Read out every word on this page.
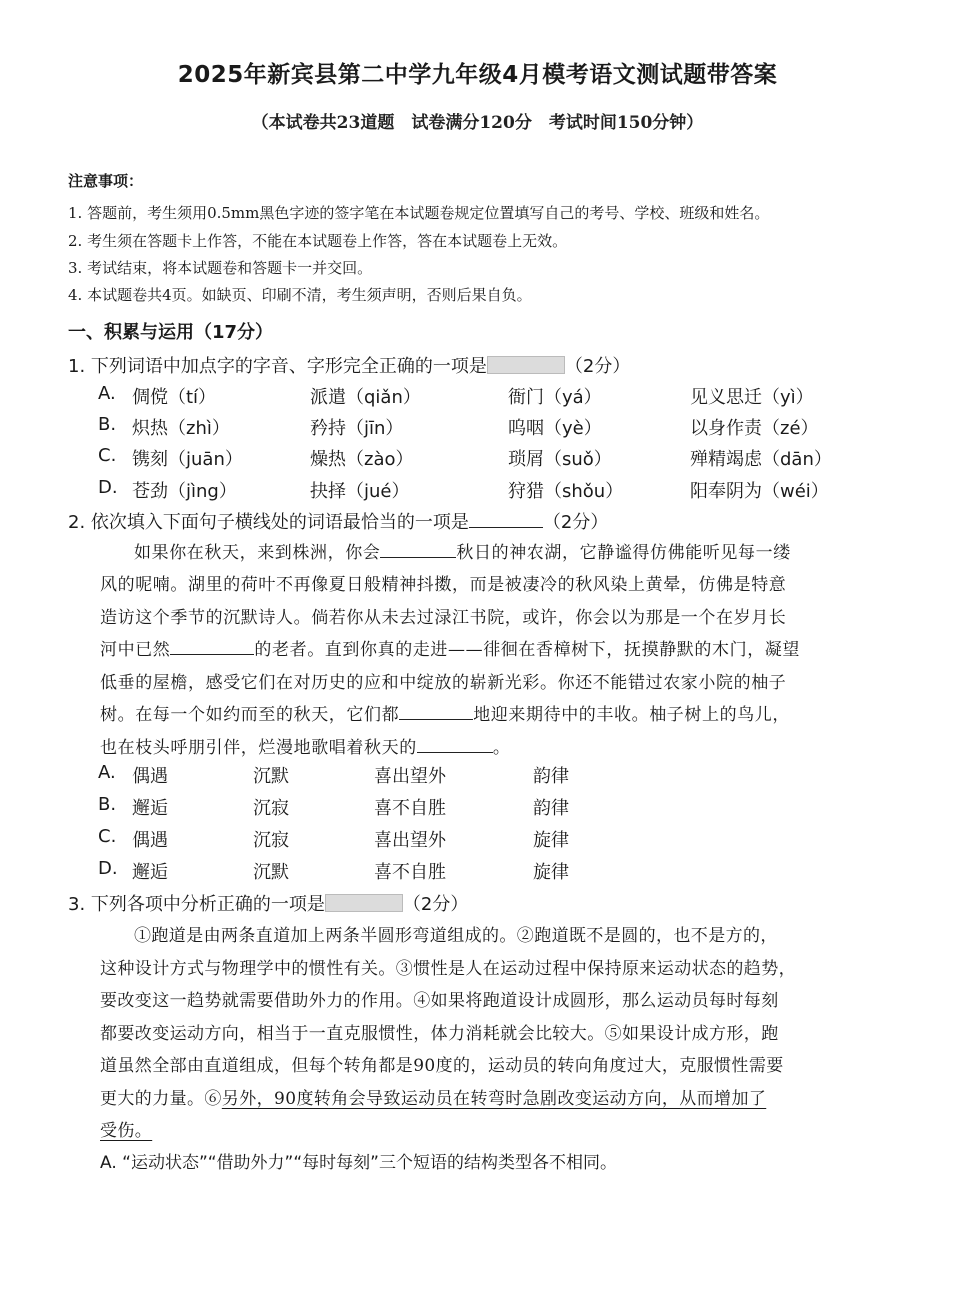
2025年新宾县第二中学九年级4月模考语文测试题带答案
（本试卷共23道题　试卷满分120分　考试时间150分钟）
注意事项：
1. 答题前，考生须用0.5mm黑色字迹的签字笔在本试题卷规定位置填写自己的考号、学校、班级和姓名。
2. 考生须在答题卡上作答，不能在本试题卷上作答，答在本试题卷上无效。
3. 考试结束，将本试题卷和答题卡一并交回。
4. 本试题卷共4页。如缺页、印刷不清，考生须声明，否则后果自负。
一、积累与运用（17分）
1. 下列词语中加点字的字音、字形完全正确的一项是	（2分）
A. 倜傥（tí）	派遣（qiǎn）	衙门（yá）	见义思迁（yì）
B. 炽热（zhì）	矜持（jīn）	呜咽（yè）	以身作责（zé）
C. 镌刻（juān）	燥热（zào）	琐屑（suǒ）	殚精竭虑（dān）
D. 苍劲（jìng）	抉择（jué）	狩猎（shǒu）	阳奉阴为（wéi）
2. 依次填入下面句子横线处的词语最恰当的一项是	（2分）
如果你在秋天，来到株洲，你会	秋日的神农湖，它静谧得仿佛能听见每一缕
风的呢喃。湖里的荷叶不再像夏日般精神抖擞，而是被凄冷的秋风染上黄晕，仿佛是特意
造访这个季节的沉默诗人。倘若你从未去过渌江书院，或许，你会以为那是一个在岁月长
河中已然	的老者。直到你真的走进——徘徊在香樟树下，抚摸静默的木门，凝望
低垂的屋檐，感受它们在对历史的应和中绽放的崭新光彩。你还不能错过农家小院的柚子
树。在每一个如约而至的秋天，它们都	地迎来期待中的丰收。柚子树上的鸟儿，
也在枝头呼朋引伴，烂漫地歌唱着秋天的	。
A. 偶遇	沉默	喜出望外	韵律
B. 邂逅	沉寂	喜不自胜	韵律
C. 偶遇	沉寂	喜出望外	旋律
D. 邂逅	沉默	喜不自胜	旋律
3. 下列各项中分析正确的一项是	（2分）
①跑道是由两条直道加上两条半圆形弯道组成的。②跑道既不是圆的，也不是方的，
这种设计方式与物理学中的惯性有关。③惯性是人在运动过程中保持原来运动状态的趋势，
要改变这一趋势就需要借助外力的作用。④如果将跑道设计成圆形，那么运动员每时每刻
都要改变运动方向，相当于一直克服惯性，体力消耗就会比较大。⑤如果设计成方形，跑
道虽然全部由直道组成，但每个转角都是90度的，运动员的转向角度过大，克服惯性需要
更大的力量。⑥另外，90度转角会导致运动员在转弯时急剧改变运动方向，从而增加了
受伤。
A. “运动状态”“借助外力”“每时每刻”三个短语的结构类型各不相同。
